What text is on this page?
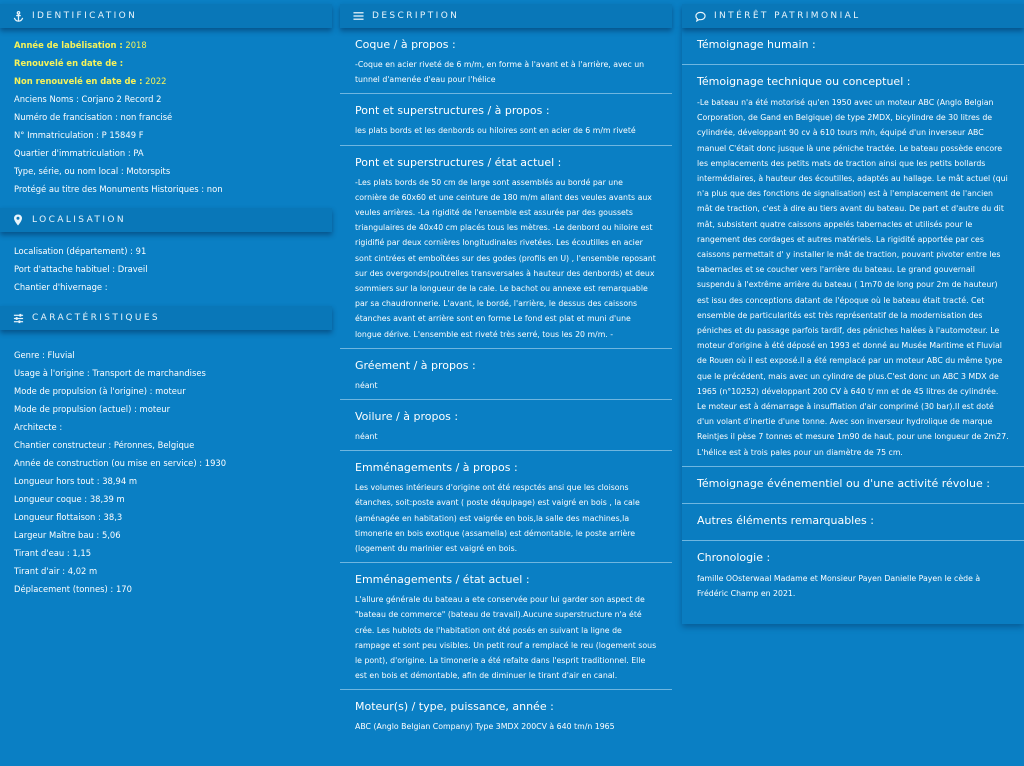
IDENTIFICATION
Année de labélisation : 2018
Renouvelé en date de :
Non renouvelé en date de : 2022
Anciens Noms : Corjano 2 Record 2
Numéro de francisation : non francisé
N° Immatriculation : P 15849 F
Quartier d'immatriculation : PA
Type, série, ou nom local : Motorspits
Protégé au titre des Monuments Historiques : non
LOCALISATION
Localisation (département) : 91
Port d'attache habituel : Draveil
Chantier d'hivernage :
CARACTÉRISTIQUES
Genre : Fluvial
Usage à l'origine : Transport de marchandises
Mode de propulsion (à l'origine) : moteur
Mode de propulsion (actuel) : moteur
Architecte :
Chantier constructeur : Péronnes, Belgique
Année de construction (ou mise en service) : 1930
Longueur hors tout : 38,94 m
Longueur coque : 38,39 m
Longueur flottaison : 38,3
Largeur Maître bau : 5,06
Tirant d'eau : 1,15
Tirant d'air : 4,02 m
Déplacement (tonnes) : 170
DESCRIPTION
Coque / à propos :

-Coque en acier riveté de 6 m/m, en forme à l'avant et à l'arrière, avec un tunnel d'amenée d'eau pour l'hélice

Pont et superstructures / à propos :

les plats bords et les denbords ou hiloires sont en acier de 6 m/m riveté

Pont et superstructures / état actuel :

-Les plats bords de 50 cm de large sont assemblés au bordé par une cornière de 60x60 et une ceinture de 180 m/m allant des veules avants aux veules arrières. -La rigidité de l'ensemble est assurée par des goussets triangulaires de 40x40 cm placés tous les mètres. -Le denbord ou hiloire est rigidifié par deux cornières longitudinales rivetées. Les écoutilles en acier sont cintrées et emboîtées sur des godes (profils en U) , l'ensemble reposant sur des overgonds(poutrelles transversales à hauteur des denbords) et deux sommiers sur la longueur de la cale. Le bachot ou annexe est remarquable par sa chaudronnerie. L'avant, le bordé, l'arrière, le dessus des caissons étanches avant et arrière sont en forme Le fond est plat et muni d'une longue dérive. L'ensemble est riveté très serré, tous les 20 m/m. -

Gréement / à propos :

néant

Voilure / à propos :

néant

Emménagements / à propos :

Les volumes intérieurs d'origine ont été respctés ansi que les cloisons étanches, soit:poste avant ( poste déquipage) est vaigré en bois , la cale (aménagée en habitation) est vaigrée en bois,la salle des machines,la timonerie en bois exotique (assamella) est démontable, le poste arrière (logement du marinier est vaigré en bois.

Emménagements / état actuel :

L'allure générale du bateau a ete conservée pour lui garder son aspect de "bateau de commerce" (bateau de travail).Aucune superstructure n'a été crée. Les hublots de l'habitation ont été posés en suivant la ligne de rampage et sont peu visibles. Un petit rouf a remplacé le reu (logement sous le pont), d'origine. La timonerie a été refaite dans l'esprit traditionnel. Elle est en bois et démontable, afin de diminuer le tirant d'air en canal.

Moteur(s) / type, puissance, année :

ABC (Anglo Belgian Company) Type 3MDX 200CV à 640 tm/n 1965

INTÉRÊT PATRIMONIAL
Témoignage humain :
Témoignage technique ou conceptuel :

-Le bateau n'a été motorisé qu'en 1950 avec un moteur ABC (Anglo Belgian Corporation, de Gand en Belgique) de type 2MDX, bicylindre de 30 litres de cylindrée, développant 90 cv à 610 tours m/n, équipé d'un inverseur ABC manuel C'était donc jusque là une péniche tractée. Le bateau possède encore les emplacements des petits mats de traction ainsi que les petits bollards intermédiaires, à hauteur des écoutilles, adaptés au hallage. Le mât actuel (qui n'a plus que des fonctions de signalisation) est à l'emplacement de l'ancien mât de traction, c'est à dire au tiers avant du bateau. De part et d'autre du dit mât, subsistent quatre caissons appelés tabernacles et utilisés pour le rangement des cordages et autres matériels. La rigidité apportée par ces caissons permettait d' y installer le mât de traction, pouvant pivoter entre les tabernacles et se coucher vers l'arrière du bateau. Le grand gouvernail suspendu à l'extrême arrière du bateau ( 1m70 de long pour 2m de hauteur) est issu des conceptions datant de l'époque où le bateau était tracté. Cet ensemble de particularités est très représentatif de la modernisation des péniches et du passage parfois tardif, des péniches halées à l'automoteur. Le moteur d'origine à été déposé en 1993 et donné au Musée Maritime et Fluvial de Rouen où il est exposé.Il a été remplacé par un moteur ABC du même type que le précédent, mais avec un cylindre de plus.C'est donc un ABC 3 MDX de 1965 (n°10252) développant 200 CV à 640 t/ mn et de 45 litres de cylindrée. Le moteur est à démarrage à insufflation d'air comprimé (30 bar).Il est doté d'un volant d'inertie d'une tonne. Avec son inverseur hydrolique de marque Reintjes il pèse 7 tonnes et mesure 1m90 de haut, pour une longueur de 2m27. L'hélice est à trois pales pour un diamètre de 75 cm.

Témoignage événementiel ou d'une activité révolue :
Autres éléments remarquables :
Chronologie :

famille OOsterwaal Madame et Monsieur Payen Danielle Payen le cède à Frédéric Champ en 2021.
